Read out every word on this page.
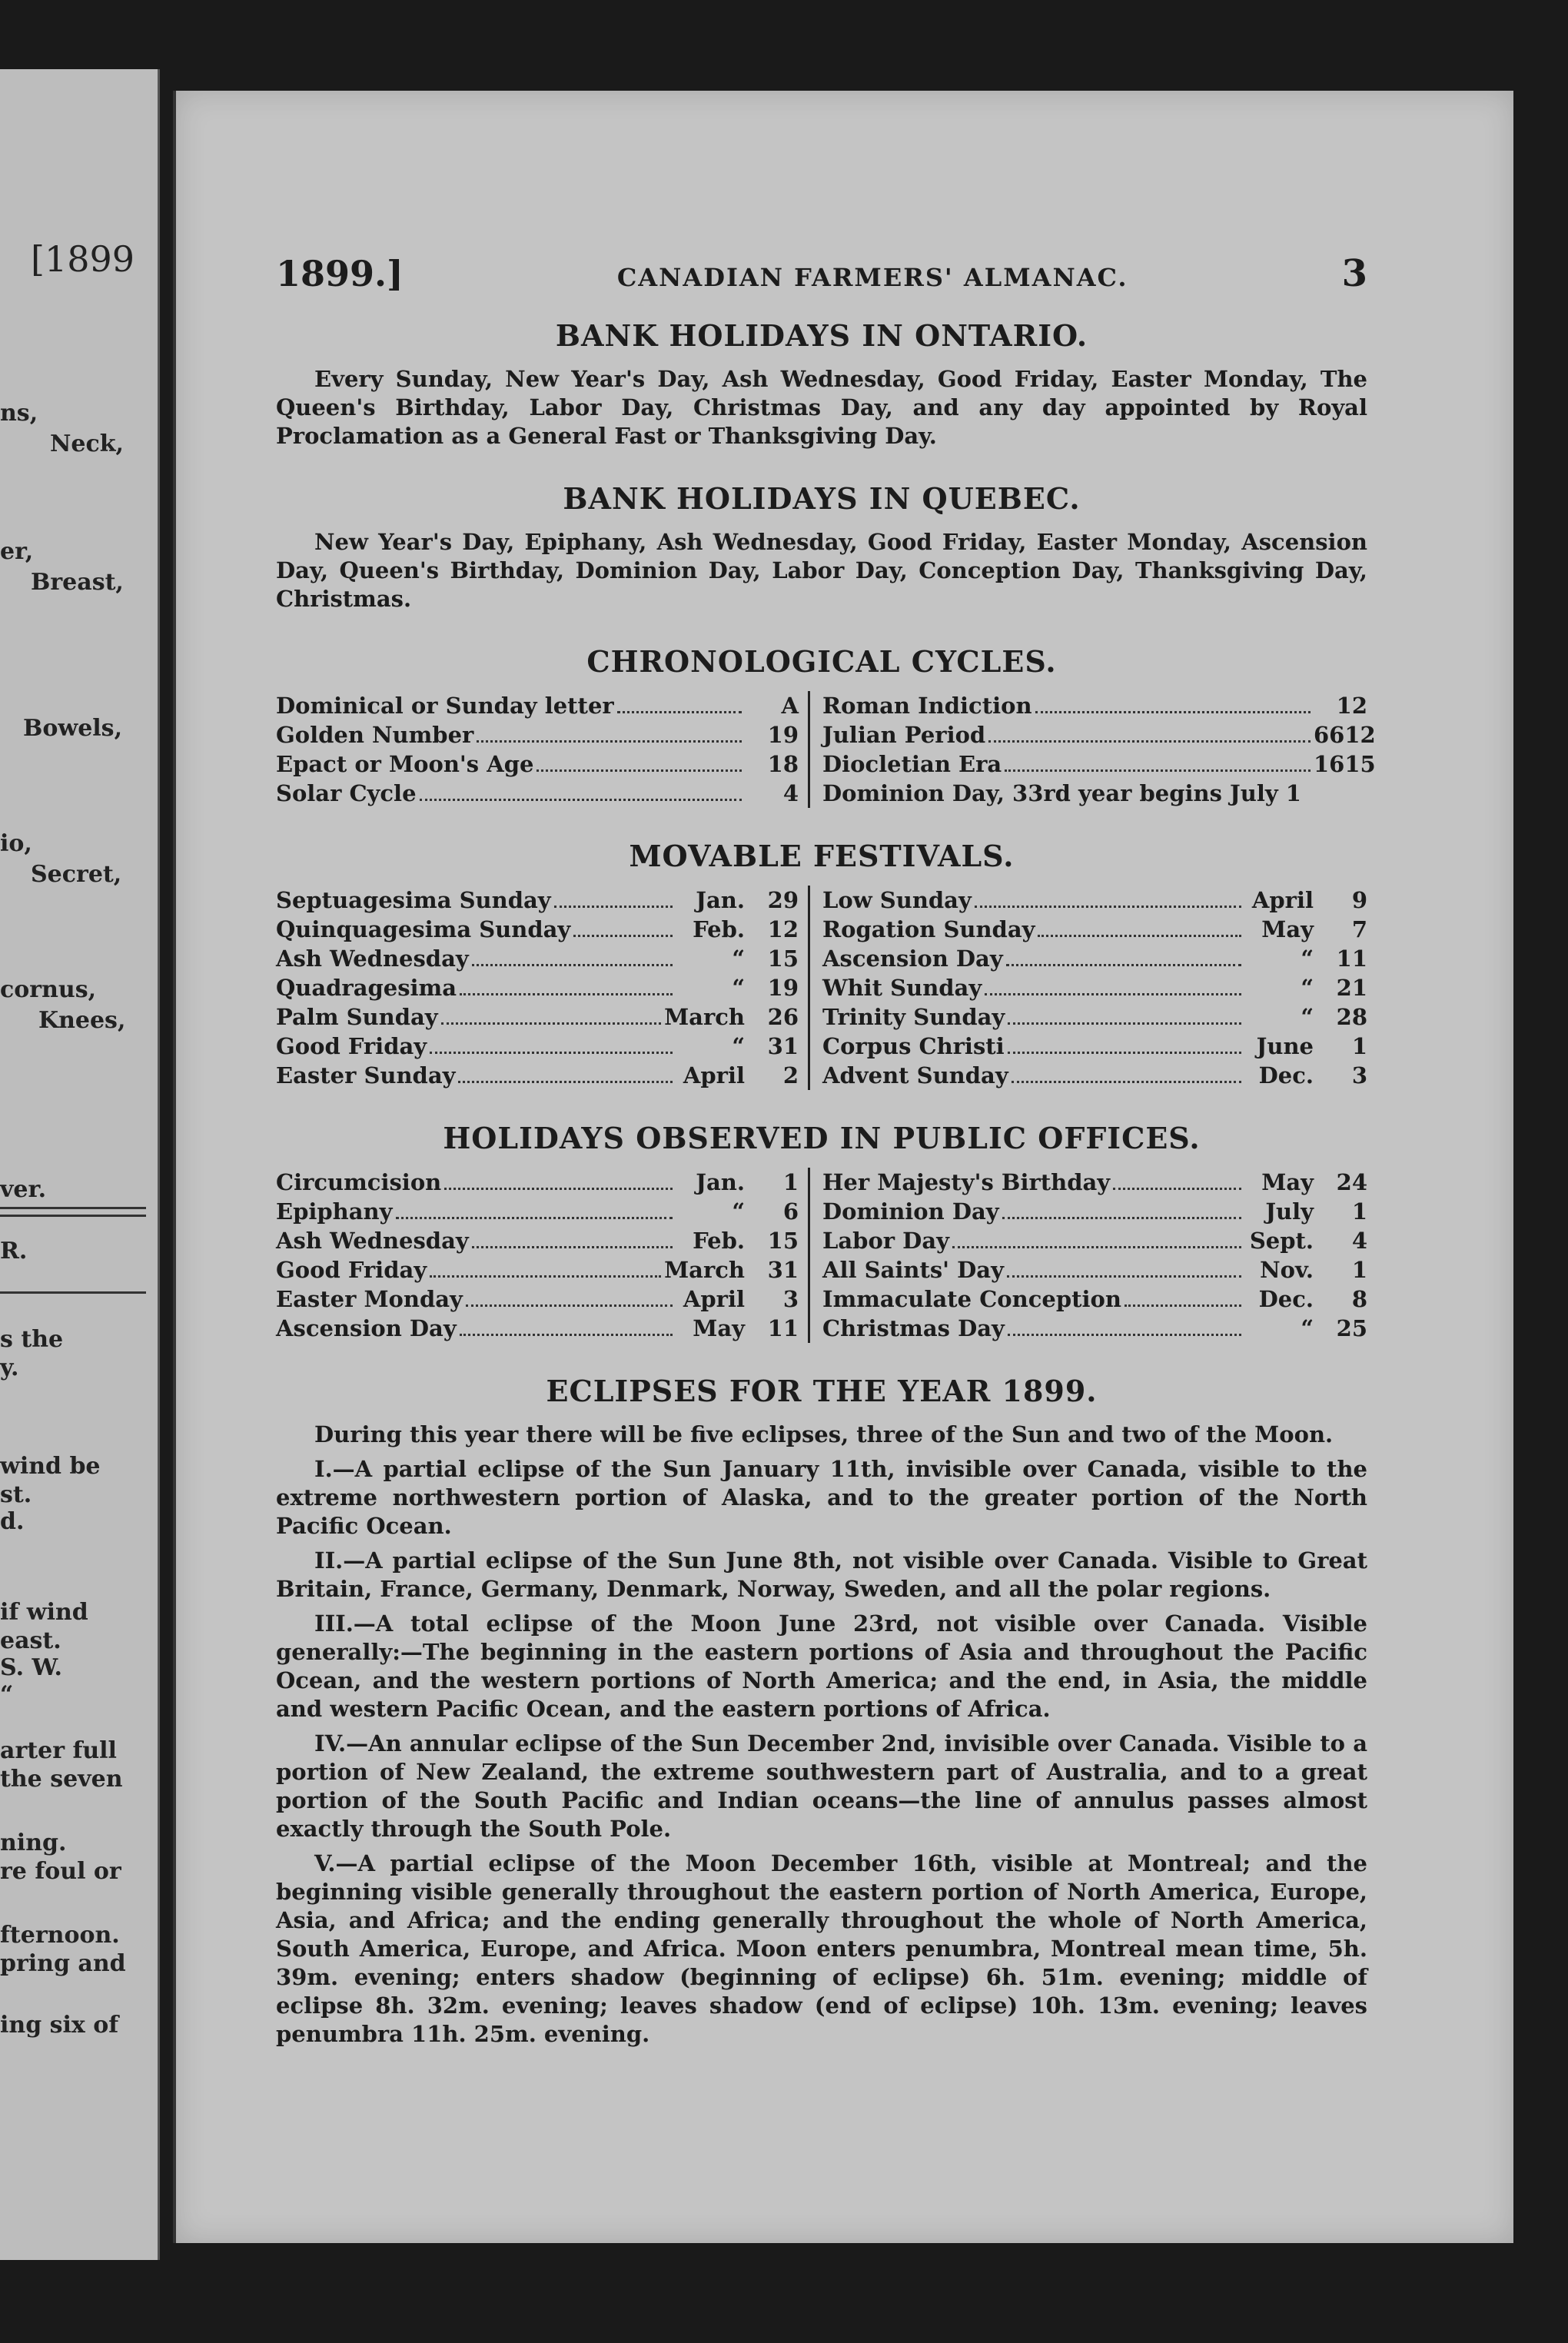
[1899
ns,
Neck,
er,
Breast,
Bowels,
io,
Secret,
cornus,
Knees,
ver.
R.
s the
y.
wind be
st.
d.
if wind
east.
S. W.
“
arter full
the seven
ning.
re foul or
fternoon.
pring and
ing six of
1899.]	CANADIAN FARMERS' ALMANAC.	3
BANK HOLIDAYS IN ONTARIO.
Every Sunday, New Year's Day, Ash Wednesday, Good Friday, Easter Monday, The Queen's Birthday, Labor Day, Christmas Day, and any day appointed by Royal Proclamation as a General Fast or Thanksgiving Day.
BANK HOLIDAYS IN QUEBEC.
New Year's Day, Epiphany, Ash Wednesday, Good Friday, Easter Monday, Ascension Day, Queen's Birthday, Dominion Day, Labor Day, Conception Day, Thanksgiving Day, Christmas.
CHRONOLOGICAL CYCLES.
Dominical or Sunday letter	A
Golden Number	19
Epact or Moon's Age	18
Solar Cycle	4
Roman Indiction	12
Julian Period	6612
Diocletian Era	1615
Dominion Day, 33rd year begins July 1
MOVABLE FESTIVALS.
Septuagesima Sunday	Jan.	29
Quinquagesima Sunday	Feb.	12
Ash Wednesday	“	15
Quadragesima	“	19
Palm Sunday	March	26
Good Friday	“	31
Easter Sunday	April	2
Low Sunday	April	9
Rogation Sunday	May	7
Ascension Day	“	11
Whit Sunday	“	21
Trinity Sunday	“	28
Corpus Christi	June	1
Advent Sunday	Dec.	3
HOLIDAYS OBSERVED IN PUBLIC OFFICES.
Circumcision	Jan.	1
Epiphany	“	6
Ash Wednesday	Feb.	15
Good Friday	March	31
Easter Monday	April	3
Ascension Day	May	11
Her Majesty's Birthday	May	24
Dominion Day	July	1
Labor Day	Sept.	4
All Saints' Day	Nov.	1
Immaculate Conception	Dec.	8
Christmas Day	“	25
ECLIPSES FOR THE YEAR 1899.

During this year there will be five eclipses, three of the Sun and two of the Moon.

I.—A partial eclipse of the Sun January 11th, invisible over Canada, visible to the extreme northwestern portion of Alaska, and to the greater portion of the North Pacific Ocean.

II.—A partial eclipse of the Sun June 8th, not visible over Canada. Visible to Great Britain, France, Germany, Denmark, Norway, Sweden, and all the polar regions.

III.—A total eclipse of the Moon June 23rd, not visible over Canada. Visible generally:—The beginning in the eastern portions of Asia and throughout the Pacific Ocean, and the western portions of North America; and the end, in Asia, the middle and western Pacific Ocean, and the eastern portions of Africa.

IV.—An annular eclipse of the Sun December 2nd, invisible over Canada. Visible to a portion of New Zealand, the extreme southwestern part of Australia, and to a great portion of the South Pacific and Indian oceans—the line of annulus passes almost exactly through the South Pole.

V.—A partial eclipse of the Moon December 16th, visible at Montreal; and the beginning visible generally throughout the eastern portion of North America, Europe, Asia, and Africa; and the ending generally throughout the whole of North America, South America, Europe, and Africa. Moon enters penumbra, Montreal mean time, 5h. 39m. evening; enters shadow (beginning of eclipse) 6h. 51m. evening; middle of eclipse 8h. 32m. evening; leaves shadow (end of eclipse) 10h. 13m. evening; leaves penumbra 11h. 25m. evening.
